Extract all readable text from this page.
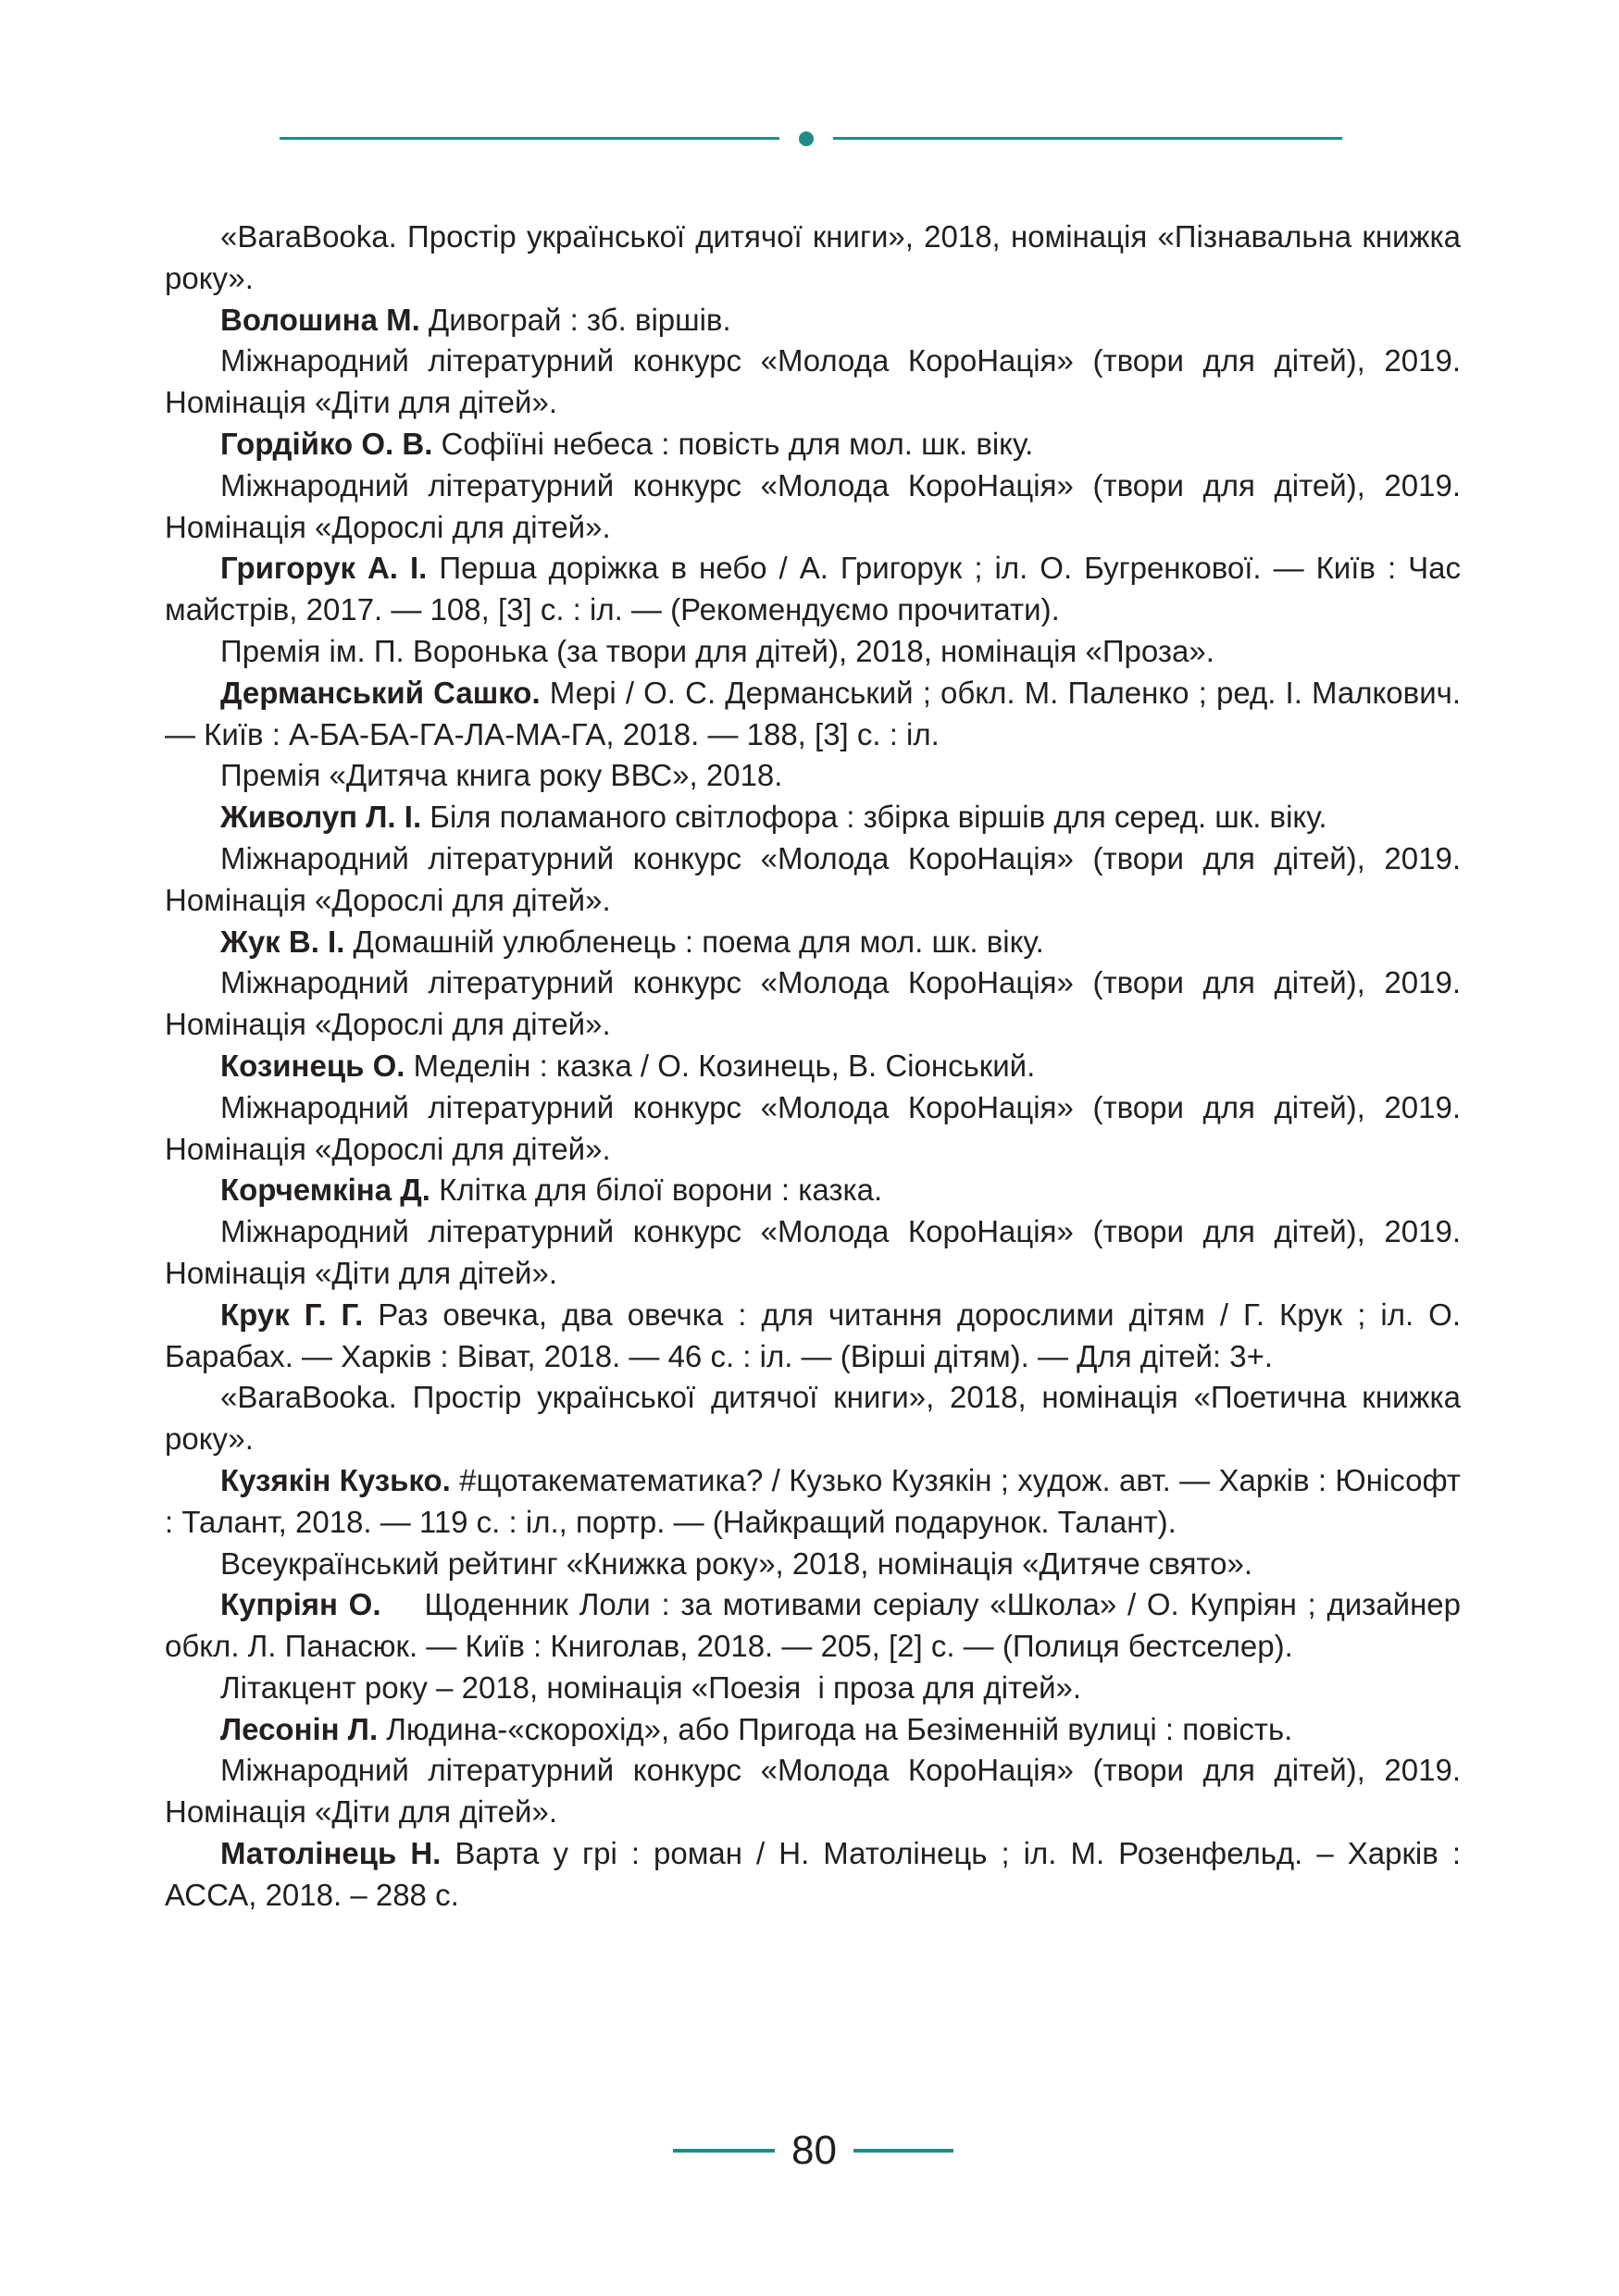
«BaraBooka. Простір української дитячої книги», 2018, номінація «Пізнавальна книжка року».

Волошина М. Дивограй : зб. віршів.

Міжнародний літературний конкурс «Молода КороНація» (твори для дітей), 2019. Номінація «Діти для дітей».

Гордійко О. В. Софіїні небеса : повість для мол. шк. віку.

Міжнародний літературний конкурс «Молода КороНація» (твори для дітей), 2019. Номінація «Дорослі для дітей».

Григорук А. І. Перша доріжка в небо / А. Григорук ; іл. О. Бугренкової. — Київ : Час майстрів, 2017. — 108, [3] с. : іл. — (Рекомендуємо прочитати).

Премія ім. П. Воронька (за твори для дітей), 2018, номінація «Проза».

Дерманський Сашко. Мері / О. С. Дерманський ; обкл. М. Паленко ; ред. І. Малкович. — Київ : А-БА-БА-ГА-ЛА-МА-ГА, 2018. — 188, [3] с. : іл.

Премія «Дитяча книга року ВВС», 2018.

Живолуп Л. І. Біля поламаного світлофора : збірка віршів для серед. шк. віку.

Міжнародний літературний конкурс «Молода КороНація» (твори для дітей), 2019. Номінація «Дорослі для дітей».

Жук В. І. Домашній улюбленець : поема для мол. шк. віку.

Міжнародний літературний конкурс «Молода КороНація» (твори для дітей), 2019. Номінація «Дорослі для дітей».

Козинець О. Меделін : казка / О. Козинець, В. Сіонський.

Міжнародний літературний конкурс «Молода КороНація» (твори для дітей), 2019. Номінація «Дорослі для дітей».

Корчемкіна Д. Клітка для білої ворони : казка.

Міжнародний літературний конкурс «Молода КороНація» (твори для дітей), 2019. Номінація «Діти для дітей».

Крук Г. Г. Раз овечка, два овечка : для читання дорослими дітям / Г. Крук ; іл. О. Барабах. — Харків : Віват, 2018. — 46 с. : іл. — (Вірші дітям). — Для дітей: 3+.

«BaraBooka. Простір української дитячої книги», 2018, номінація «Поетична книжка року».

Кузякін Кузько. #щотакематематика? / Кузько Кузякін ; худож. авт. — Харків : Юнісофт : Талант, 2018. — 119 с. : іл., портр. — (Найкращий подарунок. Талант).

Всеукраїнський рейтинг «Книжка року», 2018, номінація «Дитяче свято».

Купріян О.    Щоденник Лоли : за мотивами серіалу «Школа» / О. Купріян ; дизайнер обкл. Л. Панасюк. — Київ : Книголав, 2018. — 205, [2] с. — (Полиця бестселер).

Літакцент року – 2018, номінація «Поезія  і проза для дітей».

Лесонін Л. Людина-«скорохід», або Пригода на Безіменній вулиці : повість.

Міжнародний літературний конкурс «Молода КороНація» (твори для дітей), 2019. Номінація «Діти для дітей».

Матолінець Н. Варта у грі : роман / Н. Матолінець ; іл. М. Розенфельд. – Харків : АССА, 2018. – 288 с.

80
